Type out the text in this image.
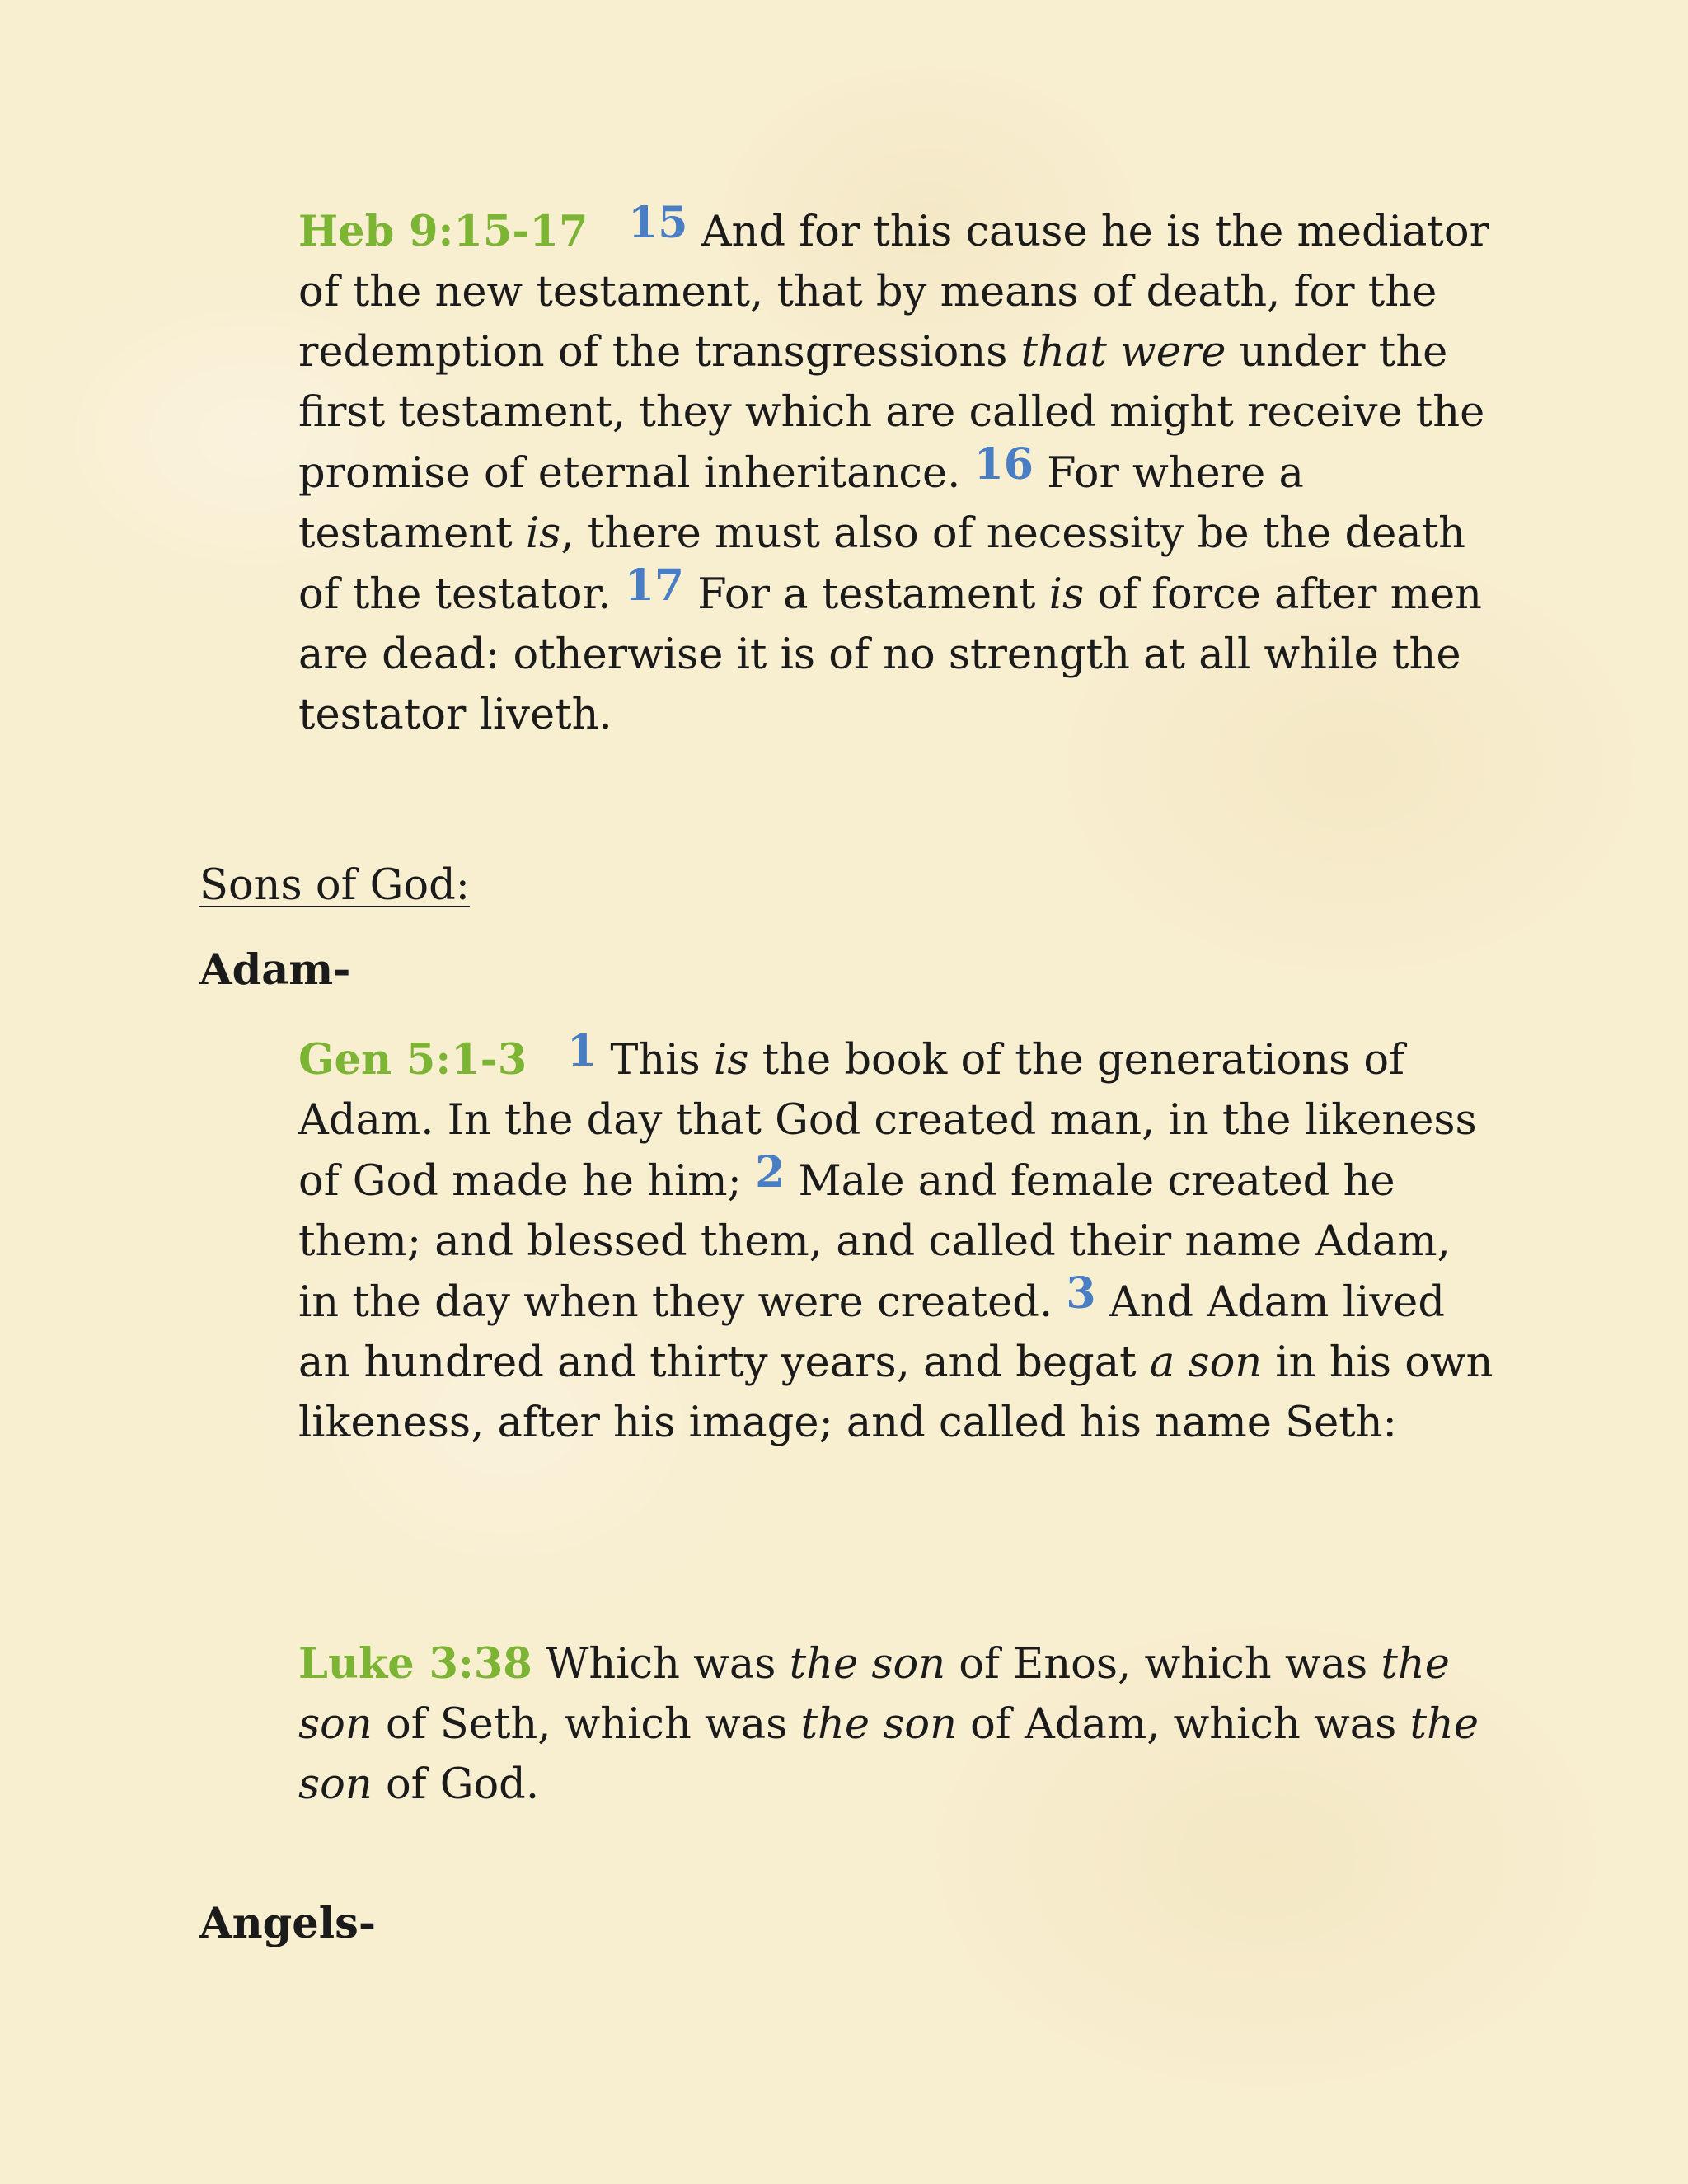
Heb 9:15-17 15 And for this cause he is the mediator of the new testament, that by means of death, for the redemption of the transgressions that were under the first testament, they which are called might receive the promise of eternal inheritance. 16 For where a testament is, there must also of necessity be the death of the testator. 17 For a testament is of force after men are dead: otherwise it is of no strength at all while the testator liveth.

Sons of God:

Adam-

Gen 5:1-3 1 This is the book of the generations of Adam. In the day that God created man, in the likeness of God made he him; 2 Male and female created he them; and blessed them, and called their name Adam, in the day when they were created. 3 And Adam lived an hundred and thirty years, and begat a son in his own likeness, after his image; and called his name Seth:

Luke 3:38 Which was the son of Enos, which was the son of Seth, which was the son of Adam, which was the son of God.

Angels-
